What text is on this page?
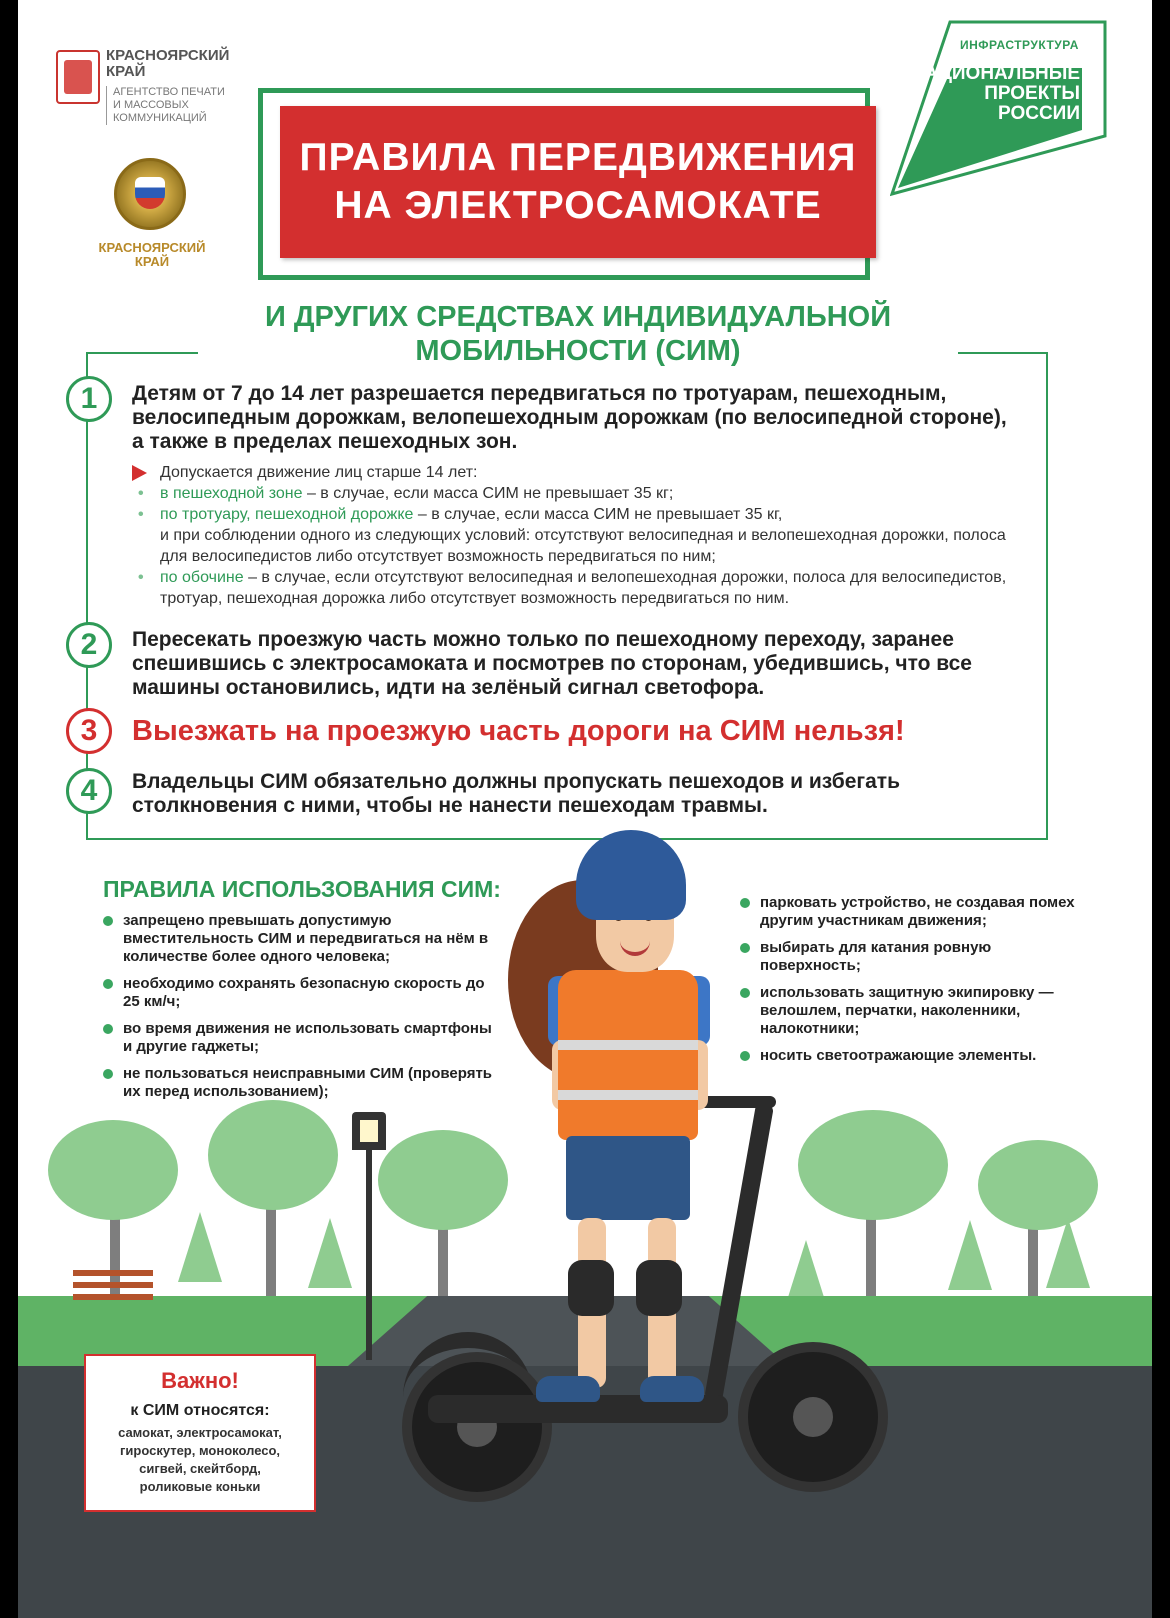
КРАСНОЯРСКИЙ
КРАЙ
АГЕНТСТВО ПЕЧАТИ
И МАССОВЫХ
КОММУНИКАЦИЙ
КРАСНОЯРСКИЙ
КРАЙ
ИНФРАСТРУКТУРА
НАЦИОНАЛЬНЫЕ
ПРОЕКТЫ
РОССИИ
ПРАВИЛА ПЕРЕДВИЖЕНИЯ
НА ЭЛЕКТРОСАМОКАТЕ
И ДРУГИХ СРЕДСТВАХ ИНДИВИДУАЛЬНОЙ
МОБИЛЬНОСТИ (СИМ)
1	Детям от 7 до 14 лет разрешается передвигаться по тротуарам, пешеходным, велосипедным дорожкам, велопешеходным дорожкам (по велосипедной стороне), а также в пределах пешеходных зон.
Допускается движение лиц старше 14 лет:
• в пешеходной зоне – в случае, если масса СИМ не превышает 35 кг;
• по тротуару, пешеходной дорожке – в случае, если масса СИМ не превышает 35 кг,
и при соблюдении одного из следующих условий: отсутствуют велосипедная и велопешеходная дорожки, полоса для велосипедистов либо отсутствует возможность передвигаться по ним;
• по обочине – в случае, если отсутствуют велосипедная и велопешеходная дорожки, полоса для велосипедистов, тротуар, пешеходная дорожка либо отсутствует возможность передвигаться по ним.
2	Пересекать проезжую часть можно только по пешеходному переходу, заранее спешившись с электросамоката и посмотрев по сторонам, убедившись, что все машины остановились, идти на зелёный сигнал светофора.
3	Выезжать на проезжую часть дороги на СИМ нельзя!
4	Владельцы СИМ обязательно должны пропускать пешеходов и избегать столкновения с ними, чтобы не нанести пешеходам травмы.
ПРАВИЛА ИСПОЛЬЗОВАНИЯ СИМ:
запрещено превышать допустимую вместительность СИМ и передвигаться на нём в количестве более одного человека;
необходимо сохранять безопасную скорость до 25 км/ч;
во время движения не использовать смартфоны и другие гаджеты;
не пользоваться неисправными СИМ (проверять их перед использованием);
парковать устройство, не создавая помех другим участникам движения;
выбирать для катания ровную поверхность;
использовать защитную экипировку — велошлем, перчатки, наколенники, налокотники;
носить светоотражающие элементы.
Важно!
к СИМ относятся:
самокат, электросамокат,
гироскутер, моноколесо,
сигвей, скейтборд,
роликовые коньки
